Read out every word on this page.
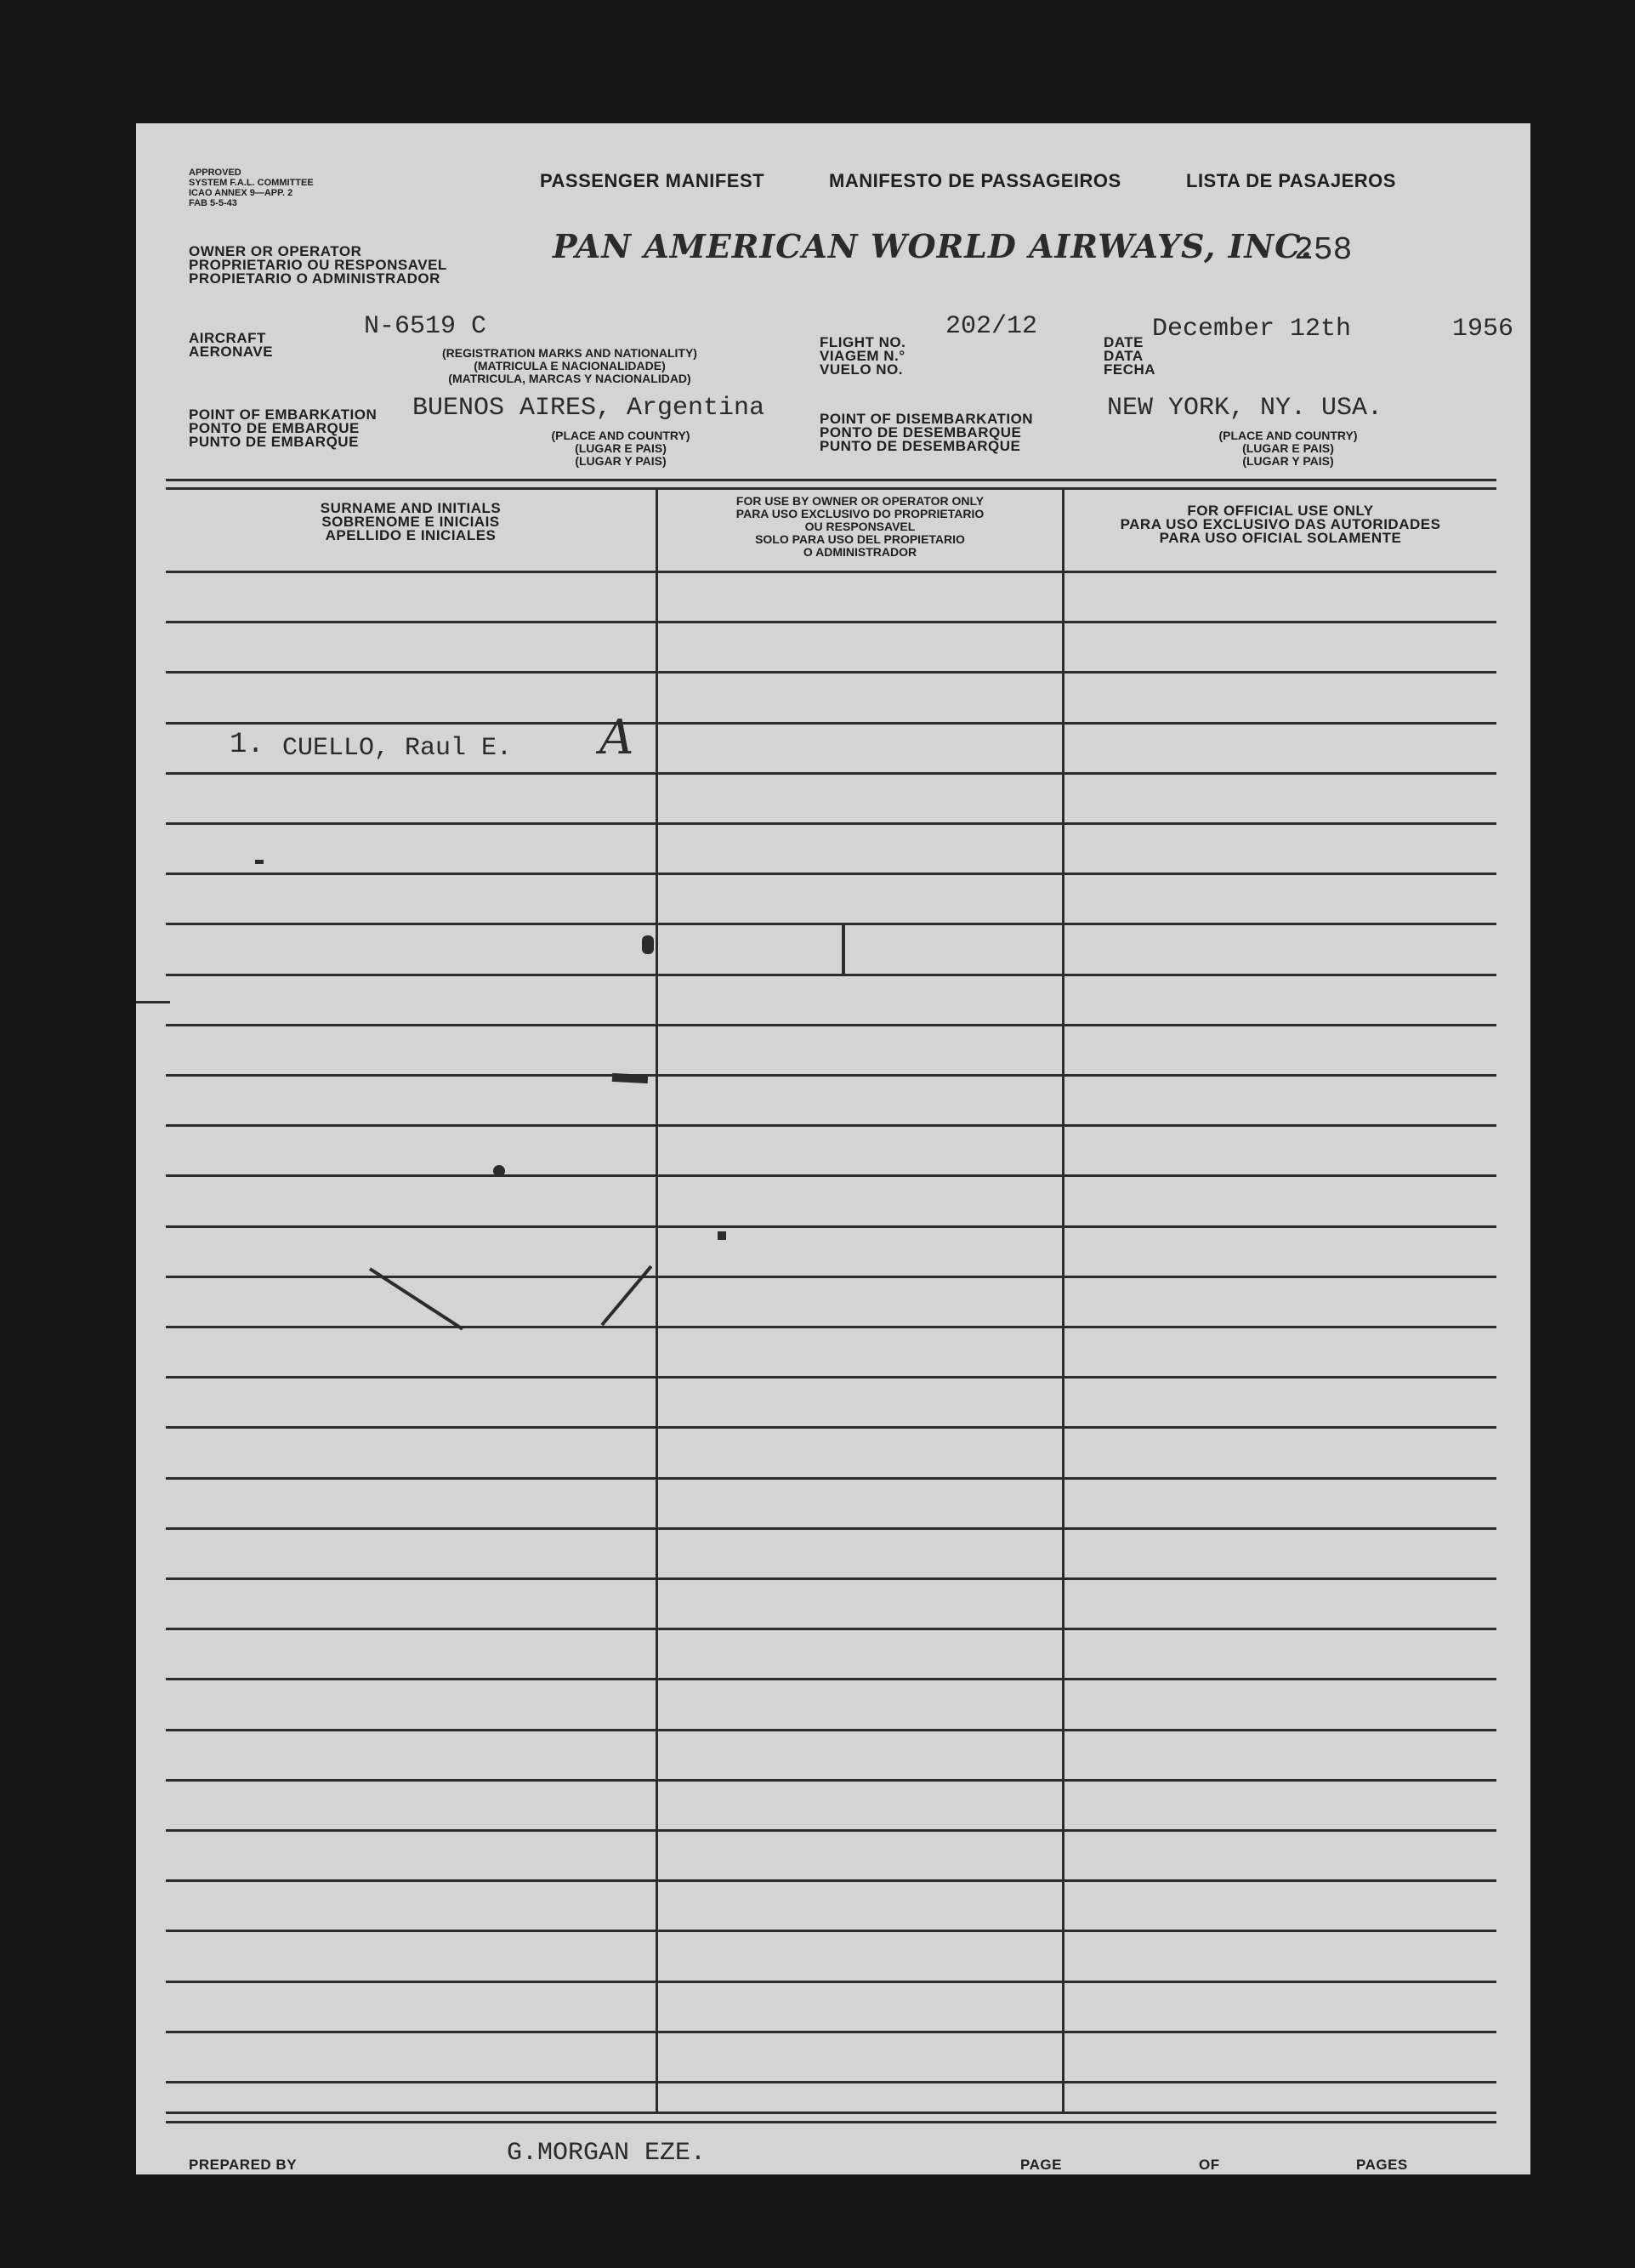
APPROVED
SYSTEM F.A.L. COMMITTEE
ICAO ANNEX 9—APP. 2
FAB 5-5-43
OWNER OR OPERATOR
PROPRIETARIO OU RESPONSAVEL
PROPIETARIO O ADMINISTRADOR
PASSENGER MANIFEST	MANIFESTO DE PASSAGEIROS	LISTA DE PASAJEROS
PAN AMERICAN WORLD AIRWAYS, INC.
258
AIRCRAFT
AERONAVE
N-6519 C
(REGISTRATION MARKS AND NATIONALITY)
(MATRICULA E NACIONALIDADE)
(MATRICULA, MARCAS Y NACIONALIDAD)
FLIGHT NO.
VIAGEM N.°
VUELO NO.
202/12
DATE
DATA
FECHA
December 12th	1956
POINT OF EMBARKATION
PONTO DE EMBARQUE
PUNTO DE EMBARQUE
BUENOS AIRES, Argentina
(PLACE AND COUNTRY)
(LUGAR E PAIS)
(LUGAR Y PAIS)
POINT OF DISEMBARKATION
PONTO DE DESEMBARQUE
PUNTO DE DESEMBARQUE
NEW YORK, NY. USA.
(PLACE AND COUNTRY)
(LUGAR E PAIS)
(LUGAR Y PAIS)
SURNAME AND INITIALS
SOBRENOME E INICIAIS
APELLIDO E INICIALES
FOR USE BY OWNER OR OPERATOR ONLY
PARA USO EXCLUSIVO DO PROPRIETARIO
OU RESPONSAVEL
SOLO PARA USO DEL PROPIETARIO
O ADMINISTRADOR
FOR OFFICIAL USE ONLY
PARA USO EXCLUSIVO DAS AUTORIDADES
PARA USO OFICIAL SOLAMENTE
1. CUELLO, Raul E. A
PREPARED BY	G.MORGAN EZE.	PAGE	OF	PAGES
